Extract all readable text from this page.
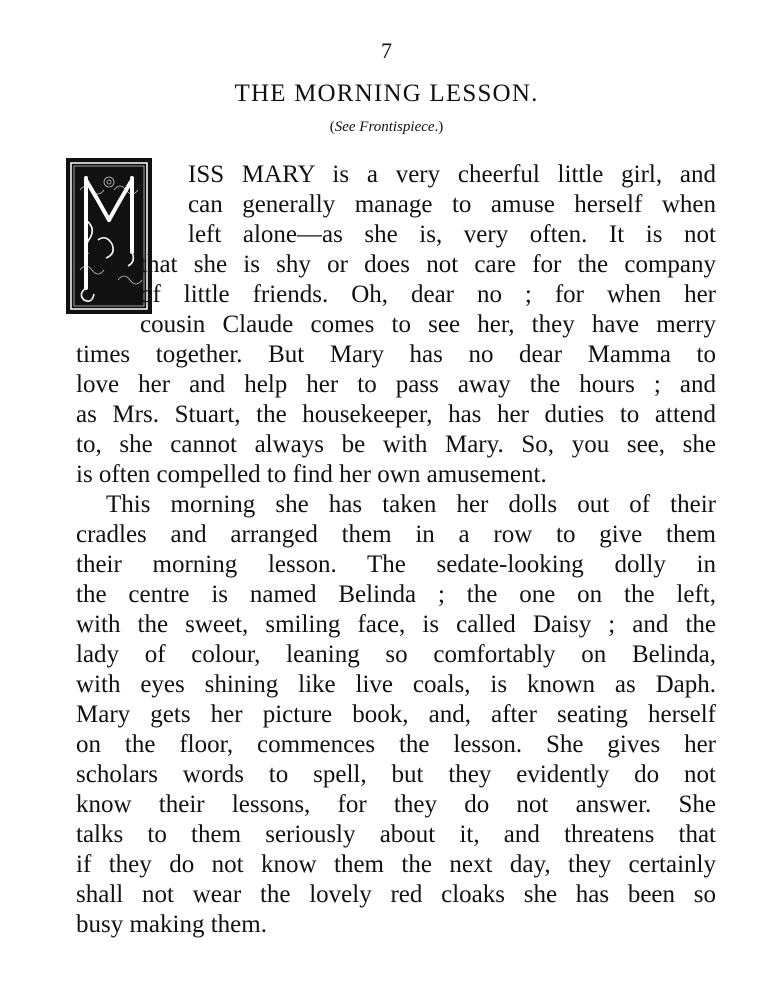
7
THE MORNING LESSON.
(See Frontispiece.)
M
ISS MARY is a very cheerful little girl, and
can generally manage to amuse herself when
left alone—as she is, very often. It is not
that she is shy or does not care for the company
of little friends. Oh, dear no ; for when her
cousin Claude comes to see her, they have merry
times together. But Mary has no dear Mamma to
love her and help her to pass away the hours ; and
as Mrs. Stuart, the housekeeper, has her duties to attend
to, she cannot always be with Mary. So, you see, she
is often compelled to find her own amusement.
This morning she has taken her dolls out of their
cradles and arranged them in a row to give them
their morning lesson. The sedate-looking dolly in
the centre is named Belinda ; the one on the left,
with the sweet, smiling face, is called Daisy ; and the
lady of colour, leaning so comfortably on Belinda,
with eyes shining like live coals, is known as Daph.
Mary gets her picture book, and, after seating herself
on the floor, commences the lesson. She gives her
scholars words to spell, but they evidently do not
know their lessons, for they do not answer. She
talks to them seriously about it, and threatens that
if they do not know them the next day, they certainly
shall not wear the lovely red cloaks she has been so
busy making them.
